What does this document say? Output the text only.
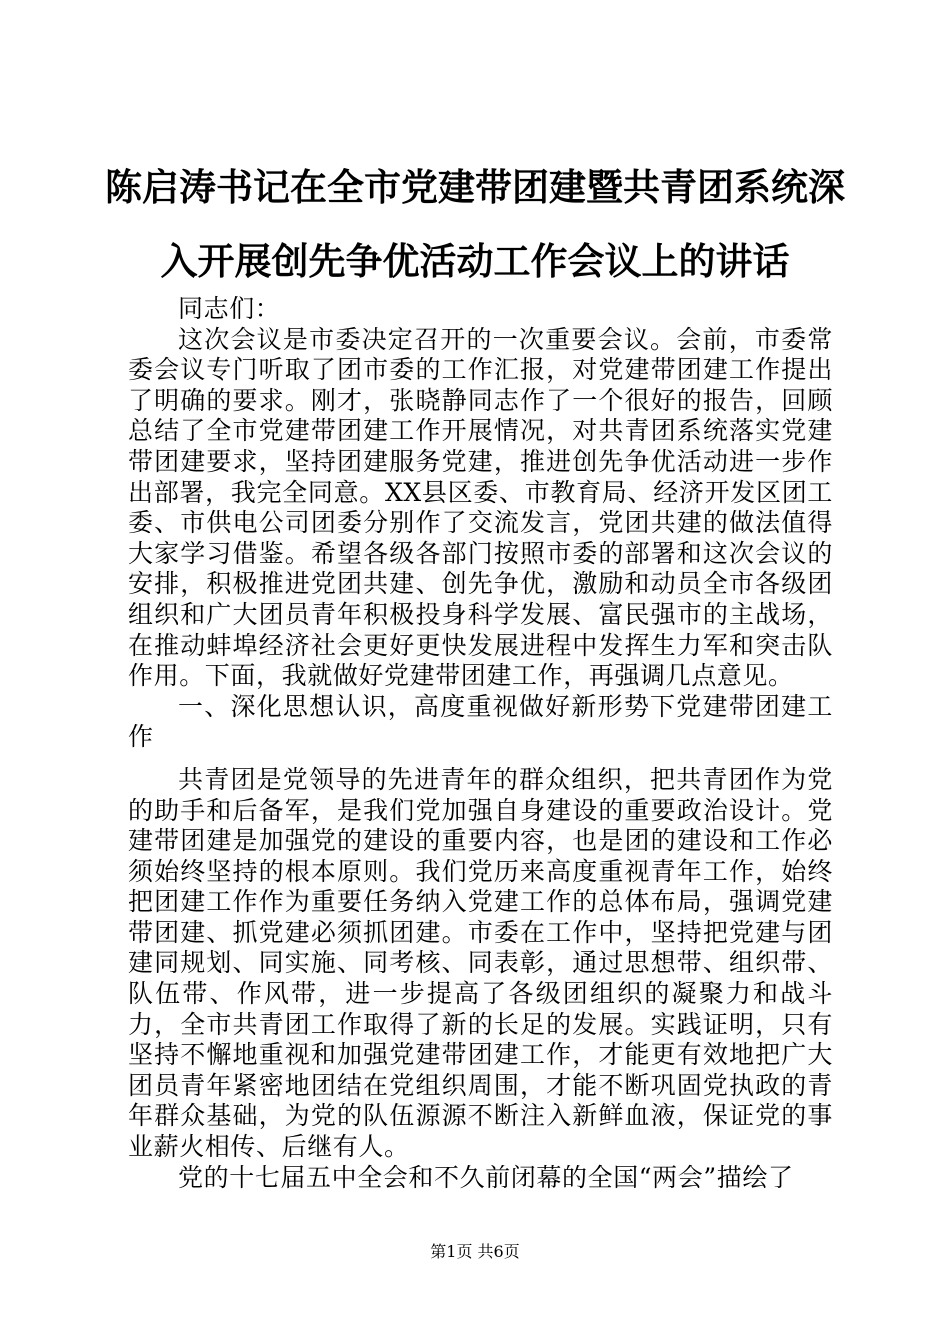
陈启涛书记在全市党建带团建暨共青团系统深
入开展创先争优活动工作会议上的讲话

同志们：

这次会议是市委决定召开的一次重要会议。会前，市委常委会议专门听取了团市委的工作汇报，对党建带团建工作提出了明确的要求。刚才，张晓静同志作了一个很好的报告，回顾总结了全市党建带团建工作开展情况，对共青团系统落实党建带团建要求，坚持团建服务党建，推进创先争优活动进一步作出部署，我完全同意。XX县区委、市教育局、经济开发区团工委、市供电公司团委分别作了交流发言，党团共建的做法值得大家学习借鉴。希望各级各部门按照市委的部署和这次会议的安排，积极推进党团共建、创先争优，激励和动员全市各级团组织和广大团员青年积极投身科学发展、富民强市的主战场，在推动蚌埠经济社会更好更快发展进程中发挥生力军和突击队作用。下面，我就做好党建带团建工作，再强调几点意见。

一、深化思想认识，高度重视做好新形势下党建带团建工作

共青团是党领导的先进青年的群众组织，把共青团作为党的助手和后备军，是我们党加强自身建设的重要政治设计。党建带团建是加强党的建设的重要内容，也是团的建设和工作必须始终坚持的根本原则。我们党历来高度重视青年工作，始终把团建工作作为重要任务纳入党建工作的总体布局，强调党建带团建、抓党建必须抓团建。市委在工作中，坚持把党建与团建同规划、同实施、同考核、同表彰，通过思想带、组织带、队伍带、作风带，进一步提高了各级团组织的凝聚力和战斗力，全市共青团工作取得了新的长足的发展。实践证明，只有坚持不懈地重视和加强党建带团建工作，才能更有效地把广大团员青年紧密地团结在党组织周围，才能不断巩固党执政的青年群众基础，为党的队伍源源不断注入新鲜血液，保证党的事业薪火相传、后继有人。

党的十七届五中全会和不久前闭幕的全国“两会”描绘了

第1页 共6页
